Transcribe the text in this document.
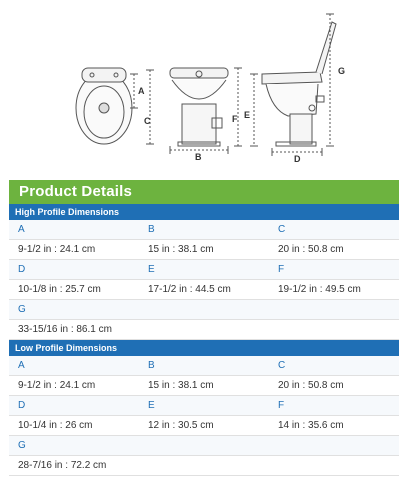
A
C
B
F E
D
G
Product Details
High Profile Dimensions
A	B	C
9-1/2 in : 24.1 cm	15 in : 38.1 cm	20 in : 50.8 cm
D	E	F
10-1/8 in : 25.7 cm	17-1/2 in : 44.5 cm	19-1/2 in : 49.5 cm
G
33-15/16 in : 86.1 cm
Low Profile Dimensions
A	B	C
9-1/2 in : 24.1 cm	15 in : 38.1 cm	20 in : 50.8 cm
D	E	F
10-1/4 in : 26 cm	12 in : 30.5 cm	14 in : 35.6 cm
G
28-7/16 in : 72.2 cm
